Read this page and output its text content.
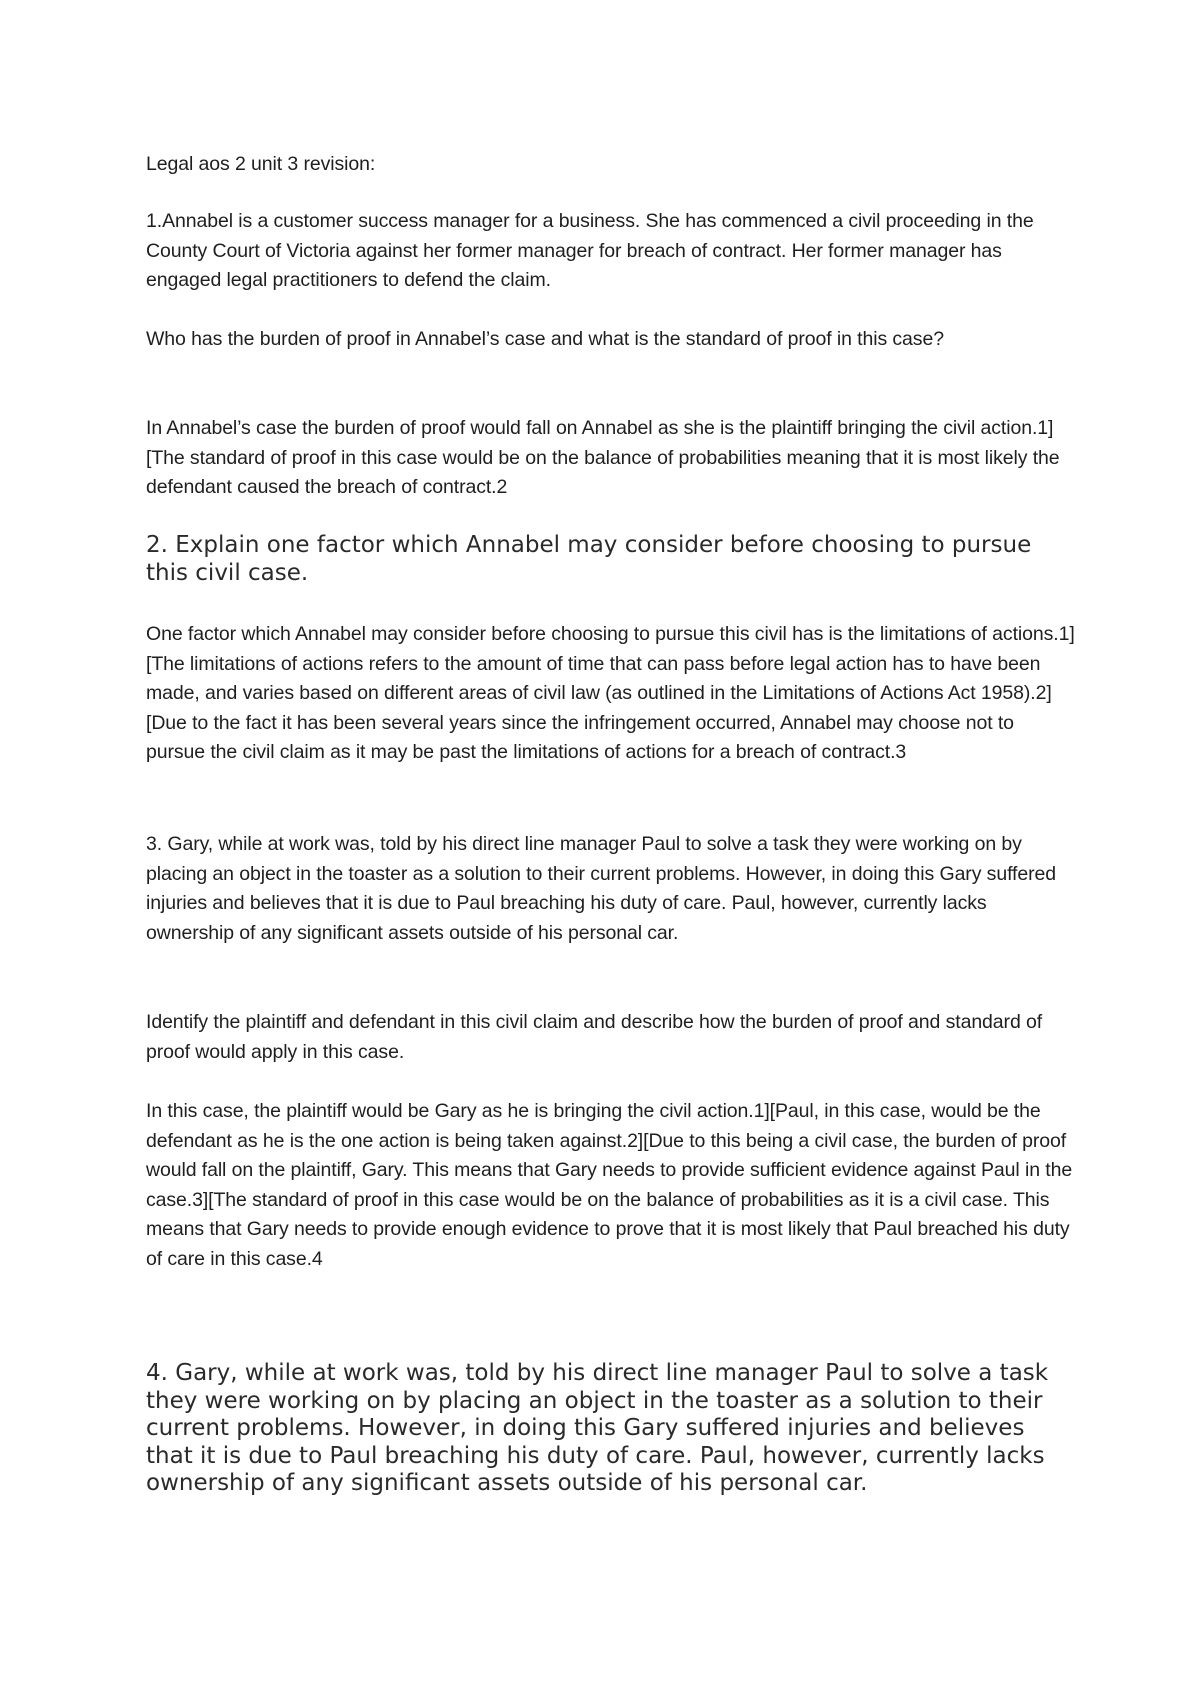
Legal aos 2 unit 3 revision:

1.Annabel is a customer success manager for a business. She has commenced a civil proceeding in the County Court of Victoria against her former manager for breach of contract. Her former manager has engaged legal practitioners to defend the claim.

Who has the burden of proof in Annabel’s case and what is the standard of proof in this case?

In Annabel’s case the burden of proof would fall on Annabel as she is the plaintiff bringing the civil action.1][The standard of proof in this case would be on the balance of probabilities meaning that it is most likely the defendant caused the breach of contract.2

2. Explain one factor which Annabel may consider before choosing to pursue this civil case.

One factor which Annabel may consider before choosing to pursue this civil has is the limitations of actions.1][The limitations of actions refers to the amount of time that can pass before legal action has to have been made, and varies based on different areas of civil law (as outlined in the Limitations of Actions Act 1958).2][Due to the fact it has been several years since the infringement occurred, Annabel may choose not to pursue the civil claim as it may be past the limitations of actions for a breach of contract.3

3. Gary, while at work was, told by his direct line manager Paul to solve a task they were working on by placing an object in the toaster as a solution to their current problems. However, in doing this Gary suffered injuries and believes that it is due to Paul breaching his duty of care. Paul, however, currently lacks ownership of any significant assets outside of his personal car.

Identify the plaintiff and defendant in this civil claim and describe how the burden of proof and standard of proof would apply in this case.

In this case, the plaintiff would be Gary as he is bringing the civil action.1][Paul, in this case, would be the defendant as he is the one action is being taken against.2][Due to this being a civil case, the burden of proof would fall on the plaintiff, Gary. This means that Gary needs to provide sufficient evidence against Paul in the case.3][The standard of proof in this case would be on the balance of probabilities as it is a civil case. This means that Gary needs to provide enough evidence to prove that it is most likely that Paul breached his duty of care in this case.4

4. Gary, while at work was, told by his direct line manager Paul to solve a task they were working on by placing an object in the toaster as a solution to their current problems. However, in doing this Gary suffered injuries and believes that it is due to Paul breaching his duty of care. Paul, however, currently lacks ownership of any significant assets outside of his personal car.
